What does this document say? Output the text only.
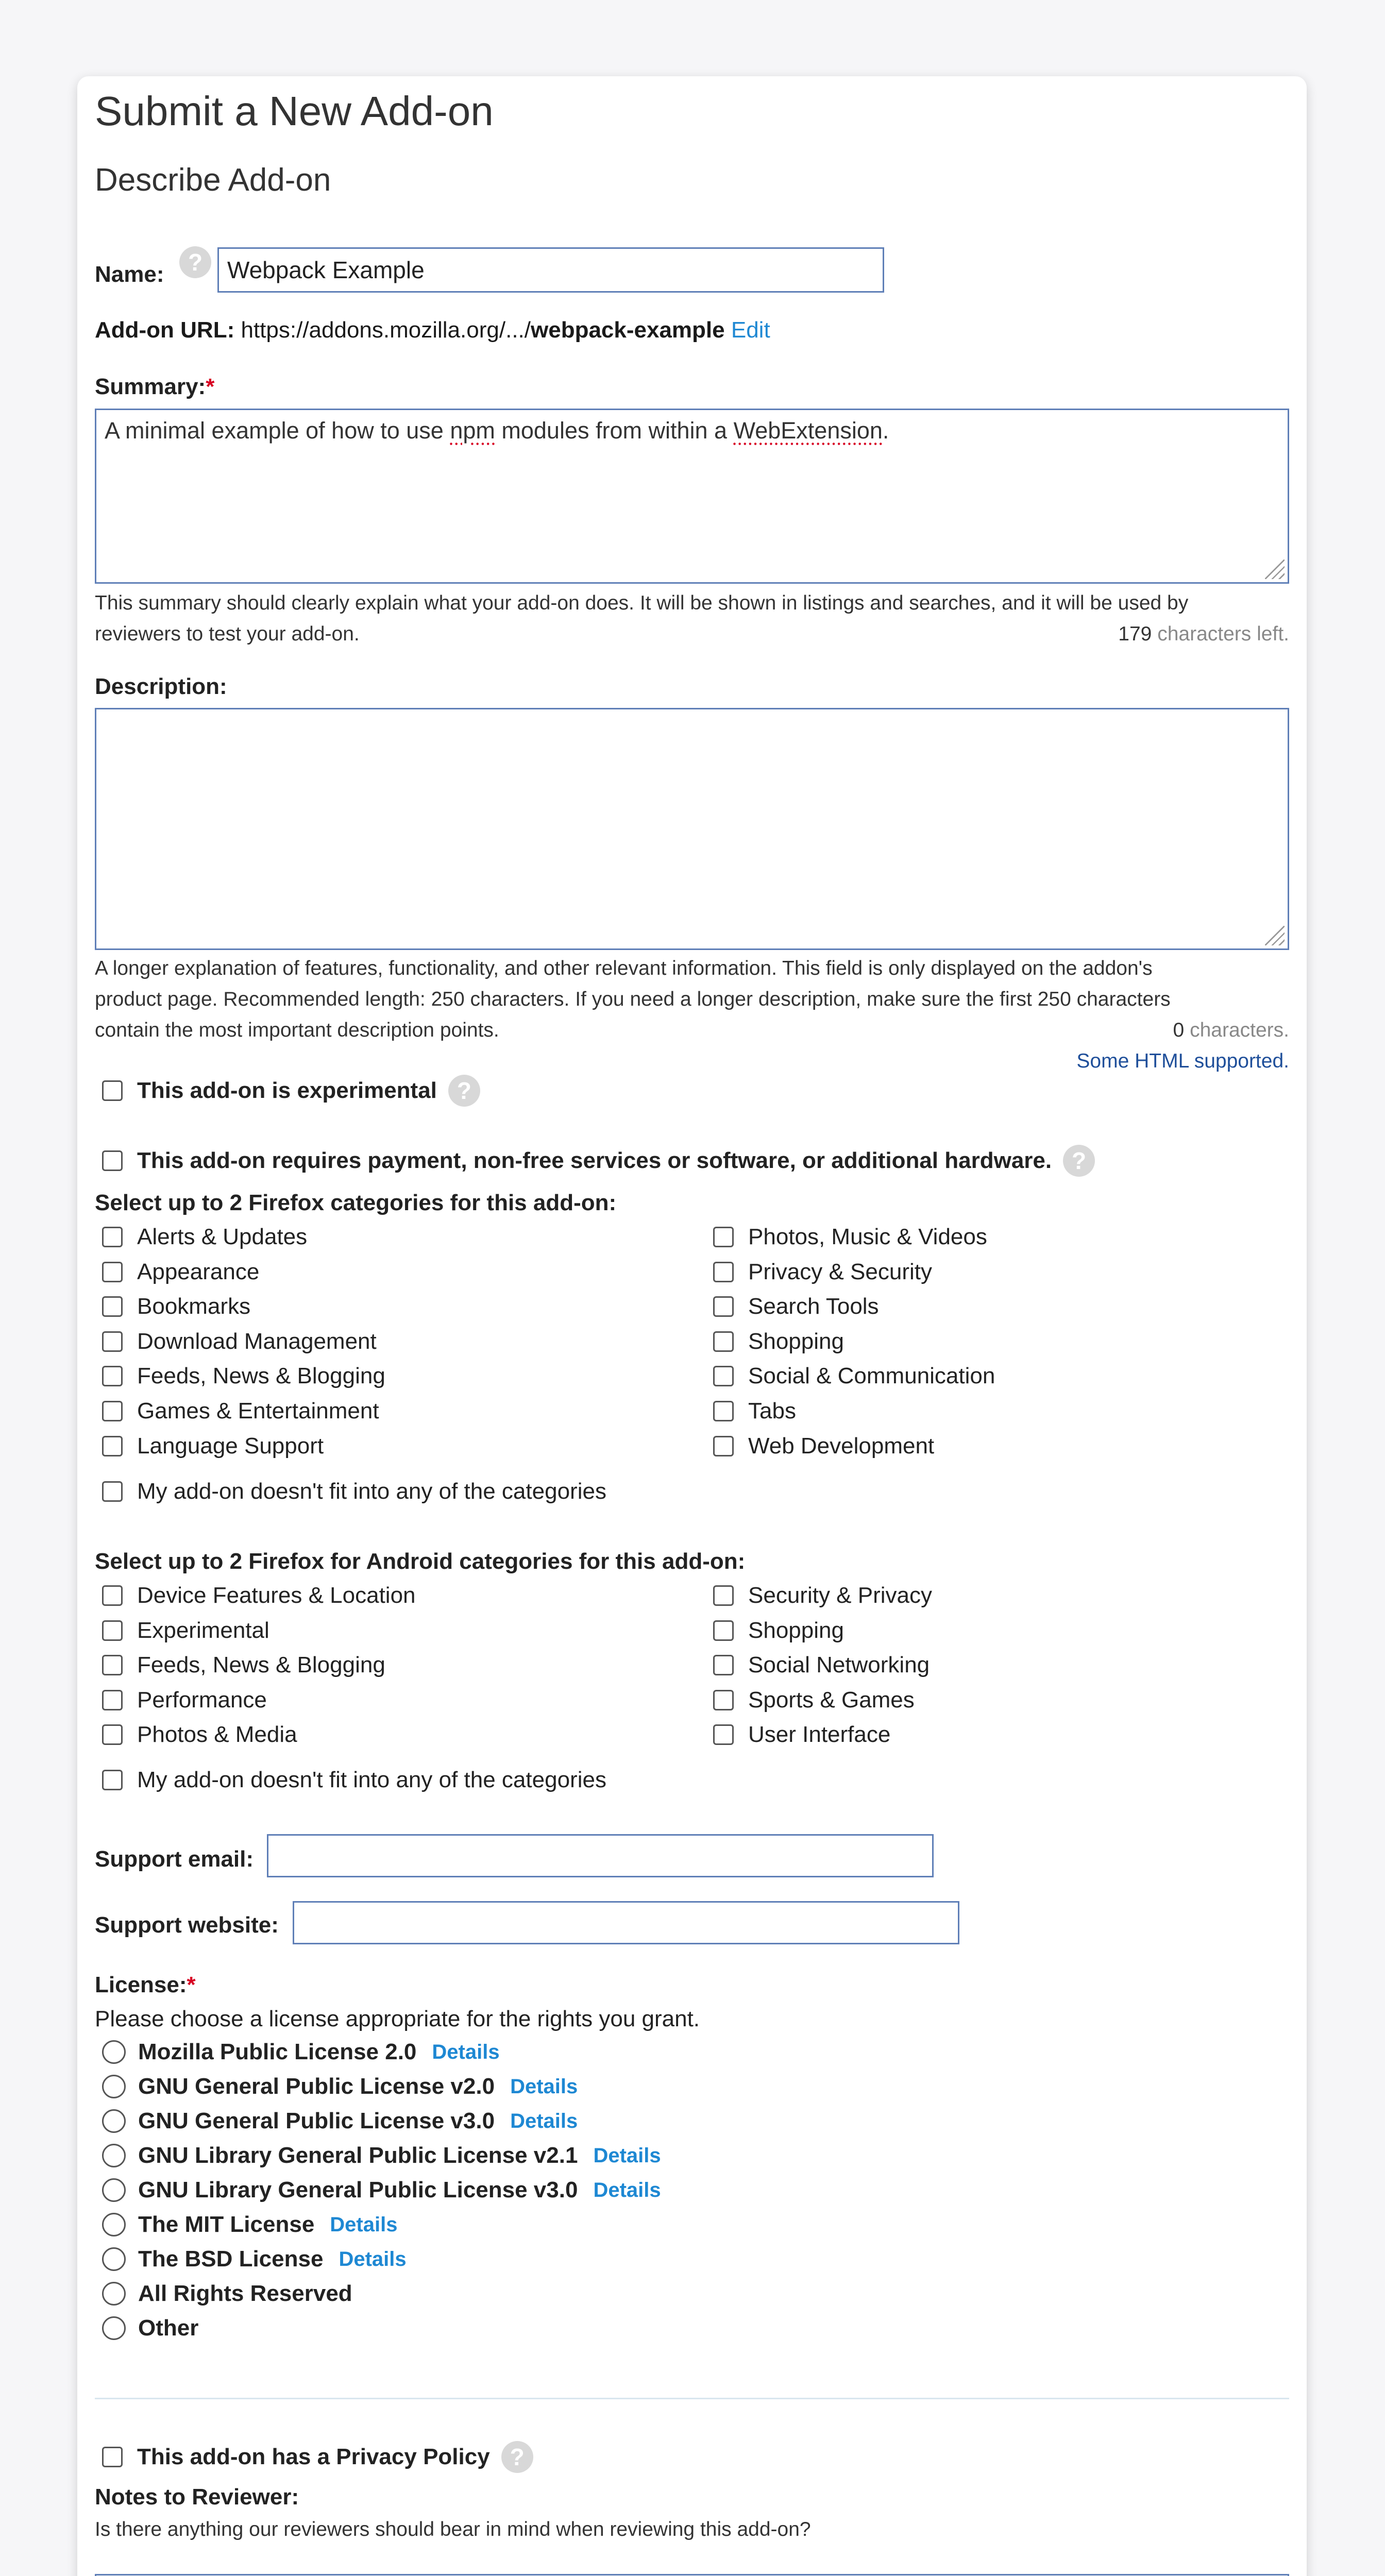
Submit a New Add-on
Describe Add-on
Name:	?
Webpack Example
Add-on URL:
https://addons.mozilla.org/.../ webpack-example
Edit
Summary: *
A minimal example of how to use npm modules from within a WebExtension.
This summary should clearly explain what your add-on does. It will be shown in listings and searches, and it will be used by
reviewers to test your add-on.	179 characters left.
Description:
A longer explanation of features, functionality, and other relevant information. This field is only displayed on the addon's
product page. Recommended length: 250 characters. If you need a longer description, make sure the first 250 characters
contain the most important description points.	0 characters.
Some HTML supported.
This add-on is experimental ?
This add-on requires payment, non-free services or software, or additional hardware. ?
Select up to 2 Firefox categories for this add-on:
Alerts & Updates
Appearance
Bookmarks
Download Management
Feeds, News & Blogging
Games & Entertainment
Language Support
Photos, Music & Videos
Privacy & Security
Search Tools
Shopping
Social & Communication
Tabs
Web Development
My add-on doesn't fit into any of the categories
Select up to 2 Firefox for Android categories for this add-on:
Device Features & Location
Experimental
Feeds, News & Blogging
Performance
Photos & Media
Security & Privacy
Shopping
Social Networking
Sports & Games
User Interface
My add-on doesn't fit into any of the categories
Support email:
Support website:
License: *
Please choose a license appropriate for the rights you grant.
Mozilla Public License 2.0 Details
GNU General Public License v2.0 Details
GNU General Public License v3.0 Details
GNU Library General Public License v2.1 Details
GNU Library General Public License v3.0 Details
The MIT License Details
The BSD License Details
All Rights Reserved
Other
This add-on has a Privacy Policy ?
Notes to Reviewer:
Is there anything our reviewers should bear in mind when reviewing this add-on?
